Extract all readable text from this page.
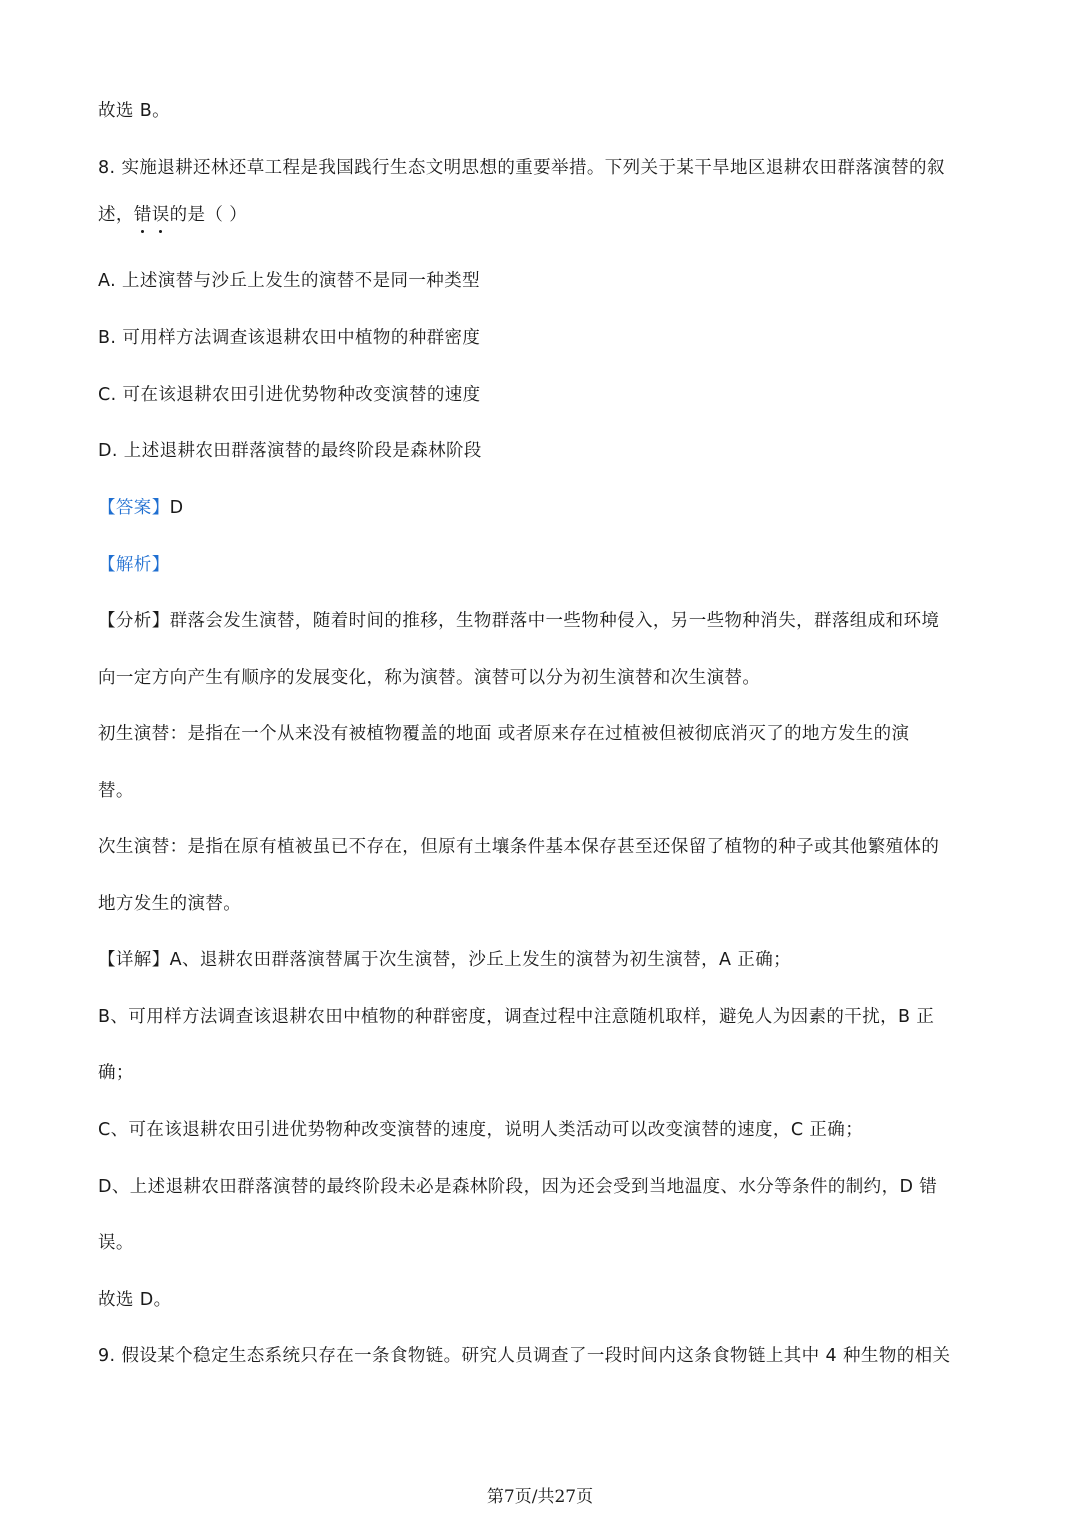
故选 B。
8. 实施退耕还林还草工程是我国践行生态文明思想的重要举措。下列关于某干旱地区退耕农田群落演替的叙
述，错误的是（ ）
A. 上述演替与沙丘上发生的演替不是同一种类型
B. 可用样方法调查该退耕农田中植物的种群密度
C. 可在该退耕农田引进优势物种改变演替的速度
D. 上述退耕农田群落演替的最终阶段是森林阶段
【答案】D
【解析】
【分析】群落会发生演替，随着时间的推移，生物群落中一些物种侵入，另一些物种消失，群落组成和环境
向一定方向产生有顺序的发展变化，称为演替。演替可以分为初生演替和次生演替。
初生演替：是指在一个从来没有被植物覆盖的地面 或者原来存在过植被但被彻底消灭了的地方发生的演
替。
次生演替：是指在原有植被虽已不存在，但原有土壤条件基本保存甚至还保留了植物的种子或其他繁殖体的
地方发生的演替。
【详解】A、退耕农田群落演替属于次生演替，沙丘上发生的演替为初生演替，A 正确；
B、可用样方法调查该退耕农田中植物的种群密度，调查过程中注意随机取样，避免人为因素的干扰，B 正
确；
C、可在该退耕农田引进优势物种改变演替的速度，说明人类活动可以改变演替的速度，C 正确；
D、上述退耕农田群落演替的最终阶段未必是森林阶段，因为还会受到当地温度、水分等条件的制约，D 错
误。
故选 D。
9. 假设某个稳定生态系统只存在一条食物链。研究人员调查了一段时间内这条食物链上其中 4 种生物的相关
第7页/共27页
